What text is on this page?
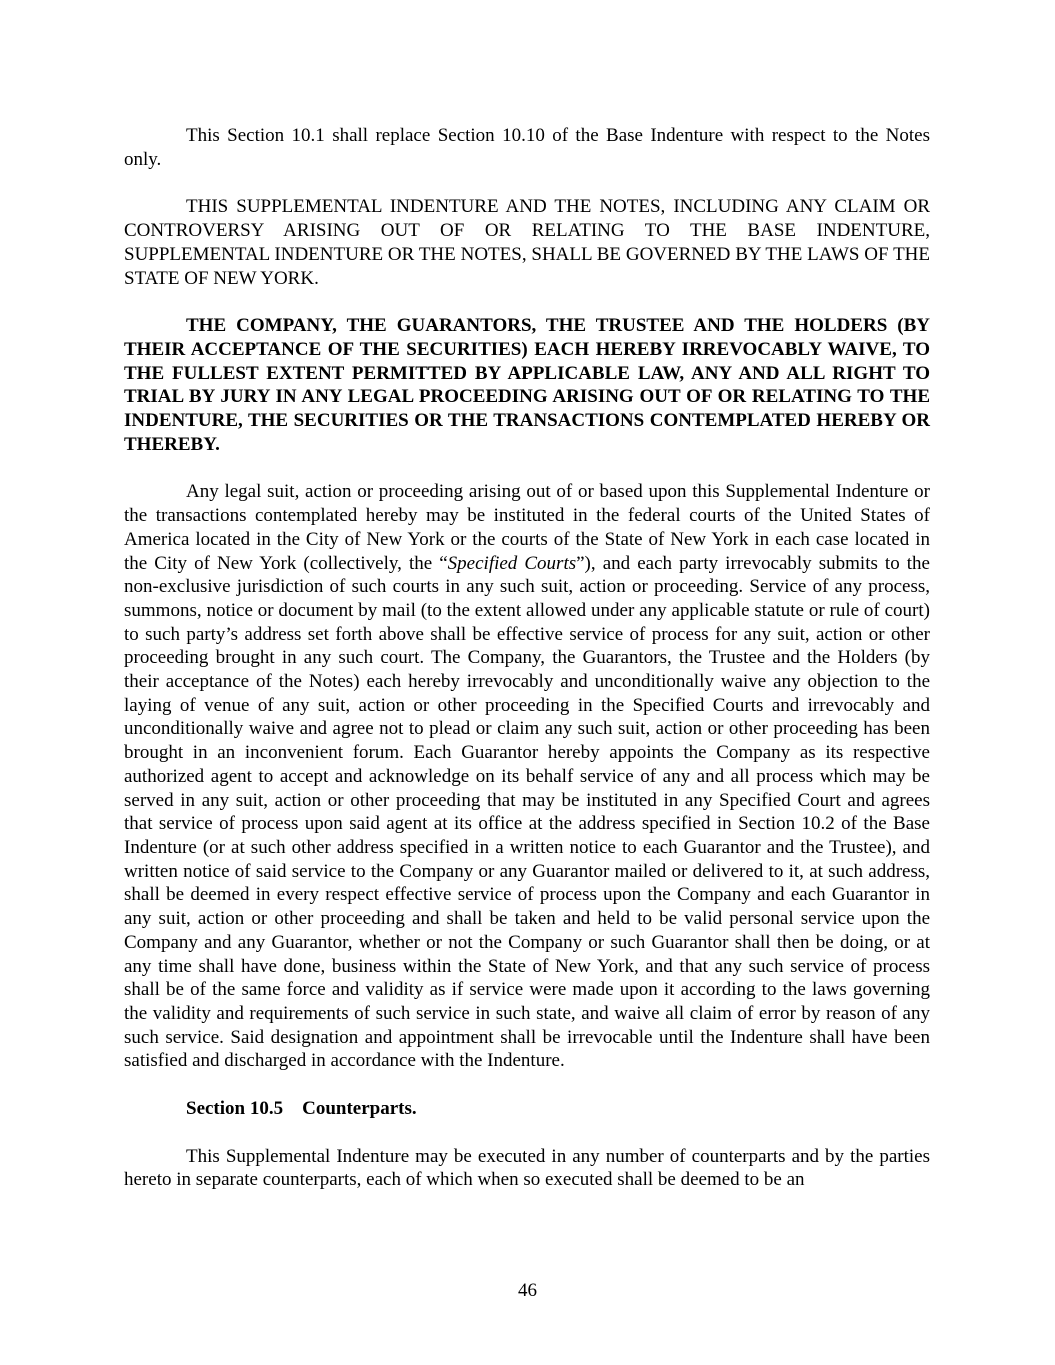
This Section 10.1 shall replace Section 10.10 of the Base Indenture with respect to the Notes only.

THIS SUPPLEMENTAL INDENTURE AND THE NOTES, INCLUDING ANY CLAIM OR CONTROVERSY ARISING OUT OF OR RELATING TO THE BASE INDENTURE, SUPPLEMENTAL INDENTURE OR THE NOTES, SHALL BE GOVERNED BY THE LAWS OF THE STATE OF NEW YORK.

THE COMPANY, THE GUARANTORS, THE TRUSTEE AND THE HOLDERS (BY THEIR ACCEPTANCE OF THE SECURITIES) EACH HEREBY IRREVOCABLY WAIVE, TO THE FULLEST EXTENT PERMITTED BY APPLICABLE LAW, ANY AND ALL RIGHT TO TRIAL BY JURY IN ANY LEGAL PROCEEDING ARISING OUT OF OR RELATING TO THE INDENTURE, THE SECURITIES OR THE TRANSACTIONS CONTEMPLATED HEREBY OR THEREBY.

Any legal suit, action or proceeding arising out of or based upon this Supplemental Indenture or the transactions contemplated hereby may be instituted in the federal courts of the United States of America located in the City of New York or the courts of the State of New York in each case located in the City of New York (collectively, the “Specified Courts”), and each party irrevocably submits to the non-exclusive jurisdiction of such courts in any such suit, action or proceeding. Service of any process, summons, notice or document by mail (to the extent allowed under any applicable statute or rule of court) to such party’s address set forth above shall be effective service of process for any suit, action or other proceeding brought in any such court. The Company, the Guarantors, the Trustee and the Holders (by their acceptance of the Notes) each hereby irrevocably and unconditionally waive any objection to the laying of venue of any suit, action or other proceeding in the Specified Courts and irrevocably and unconditionally waive and agree not to plead or claim any such suit, action or other proceeding has been brought in an inconvenient forum. Each Guarantor hereby appoints the Company as its respective authorized agent to accept and acknowledge on its behalf service of any and all process which may be served in any suit, action or other proceeding that may be instituted in any Specified Court and agrees that service of process upon said agent at its office at the address specified in Section 10.2 of the Base Indenture (or at such other address specified in a written notice to each Guarantor and the Trustee), and written notice of said service to the Company or any Guarantor mailed or delivered to it, at such address, shall be deemed in every respect effective service of process upon the Company and each Guarantor in any suit, action or other proceeding and shall be taken and held to be valid personal service upon the Company and any Guarantor, whether or not the Company or such Guarantor shall then be doing, or at any time shall have done, business within the State of New York, and that any such service of process shall be of the same force and validity as if service were made upon it according to the laws governing the validity and requirements of such service in such state, and waive all claim of error by reason of any such service. Said designation and appointment shall be irrevocable until the Indenture shall have been satisfied and discharged in accordance with the Indenture.

Section 10.5 Counterparts.

This Supplemental Indenture may be executed in any number of counterparts and by the parties hereto in separate counterparts, each of which when so executed shall be deemed to be an

46
